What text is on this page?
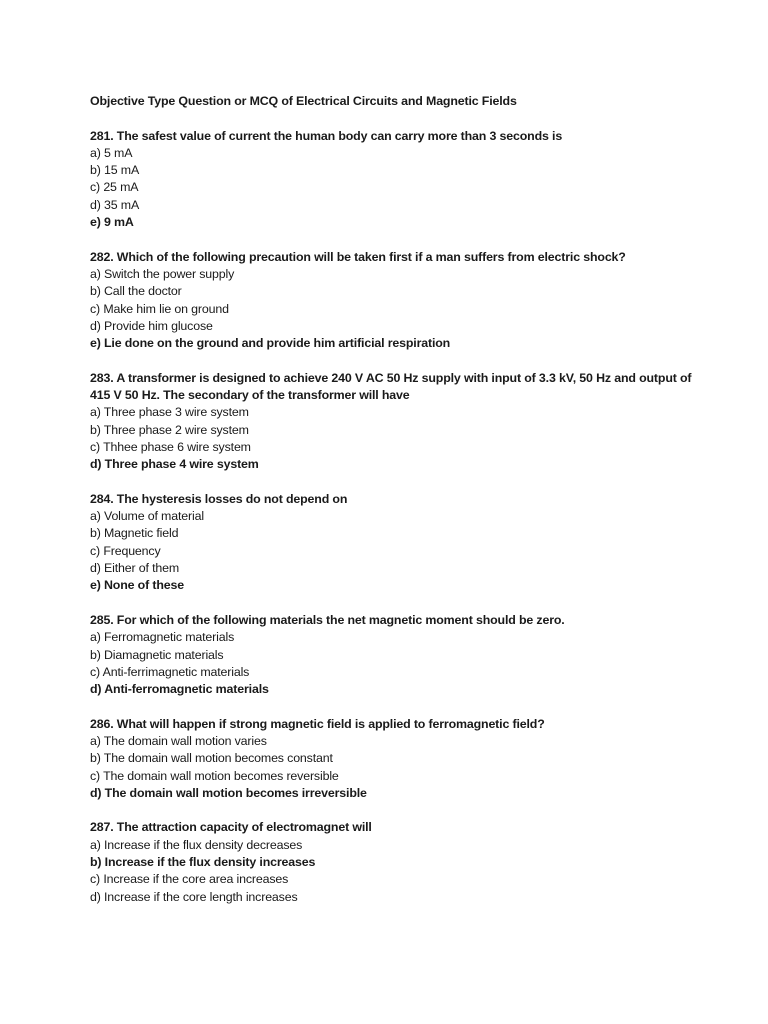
Objective Type Question or MCQ of Electrical Circuits and Magnetic Fields

281. The safest value of current the human body can carry more than 3 seconds is

a) 5 mA

b) 15 mA

c) 25 mA

d) 35 mA

e) 9 mA

282. Which of the following precaution will be taken first if a man suffers from electric shock?

a) Switch the power supply

b) Call the doctor

c) Make him lie on ground

d) Provide him glucose

e) Lie done on the ground and provide him artificial respiration

283. A transformer is designed to achieve 240 V AC 50 Hz supply with input of 3.3 kV, 50 Hz and output of 415 V 50 Hz. The secondary of the transformer will have

a) Three phase 3 wire system

b) Three phase 2 wire system

c) Thhee phase 6 wire system

d) Three phase 4 wire system

284. The hysteresis losses do not depend on

a) Volume of material

b) Magnetic field

c) Frequency

d) Either of them

e) None of these

285. For which of the following materials the net magnetic moment should be zero.

a) Ferromagnetic materials

b) Diamagnetic materials

c) Anti-ferrimagnetic materials

d) Anti-ferromagnetic materials

286. What will happen if strong magnetic field is applied to ferromagnetic field?

a) The domain wall motion varies

b) The domain wall motion becomes constant

c) The domain wall motion becomes reversible

d) The domain wall motion becomes irreversible

287. The attraction capacity of electromagnet will

a) Increase if the flux density decreases

b) Increase if the flux density increases

c) Increase if the core area increases

d) Increase if the core length increases
